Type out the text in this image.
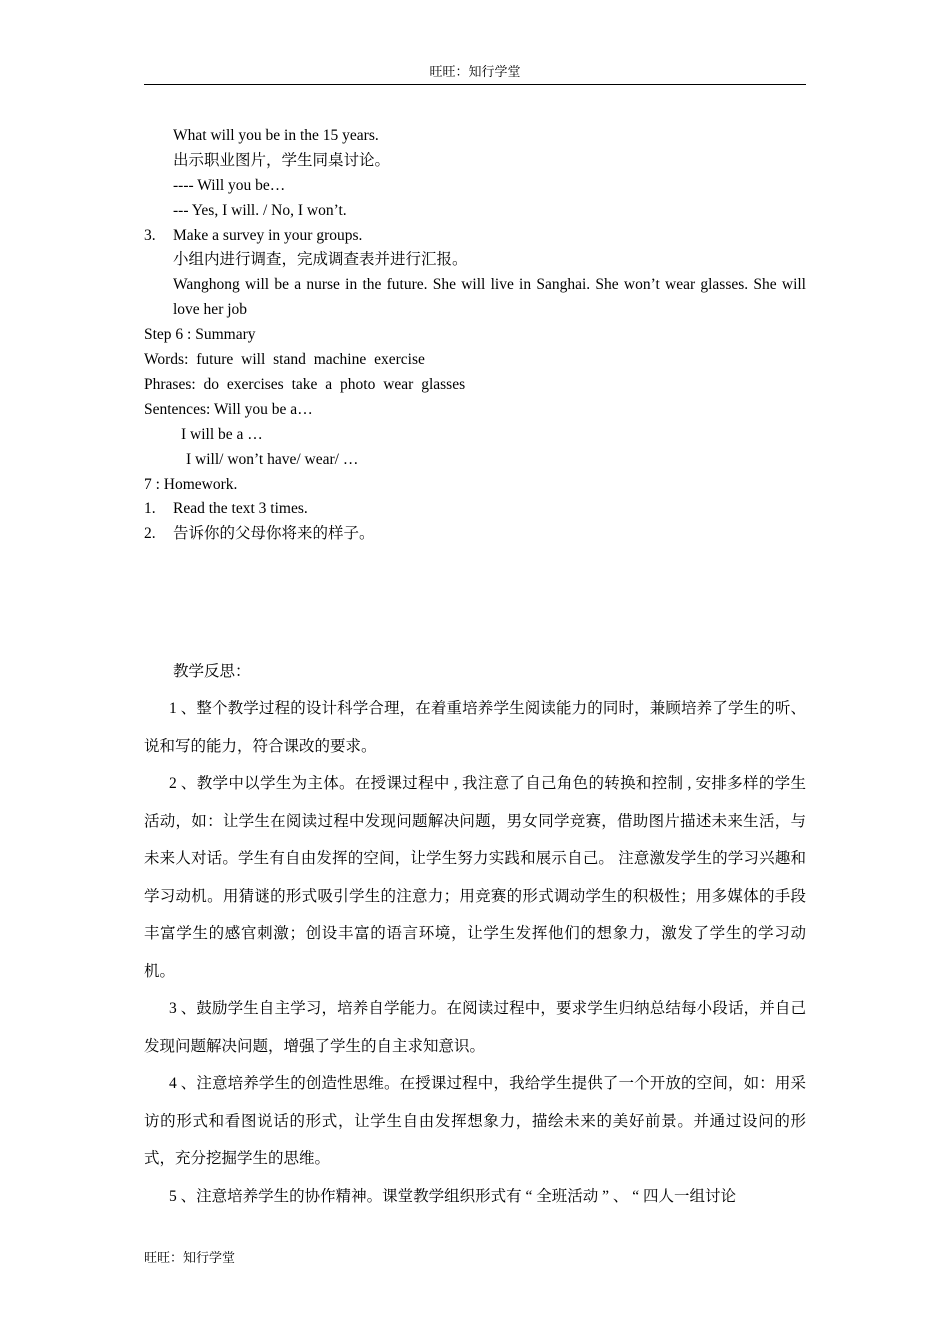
旺旺：知行学堂
What will you be in the 15 years.
出示职业图片，学生同桌讨论。
---- Will you be…
--- Yes, I will. / No, I won’t.
3. Make a survey in your groups.
小组内进行调查，完成调查表并进行汇报。
Wanghong will be a nurse in the future. She will live in Sanghai. She won’t wear glasses. She will love her job
Step 6 : Summary
Words: future will stand machine exercise
Phrases: do exercises take a photo wear glasses
Sentences: Will you be a…
I will be a …
I will/ won’t have/ wear/ …
7 : Homework.
1. Read the text 3 times.
2. 告诉你的父母你将来的样子。
教学反思：

1 、整个教学过程的设计科学合理，在着重培养学生阅读能力的同时，兼顾培养了学生的听、说和写的能力，符合课改的要求。

2 、教学中以学生为主体。在授课过程中 , 我注意了自己角色的转换和控制 , 安排多样的学生活动，如：让学生在阅读过程中发现问题解决问题，男女同学竞赛，借助图片描述未来生活，与未来人对话。学生有自由发挥的空间，让学生努力实践和展示自己。 注意激发学生的学习兴趣和学习动机。用猜谜的形式吸引学生的注意力；用竞赛的形式调动学生的积极性；用多媒体的手段丰富学生的感官刺激；创设丰富的语言环境，让学生发挥他们的想象力，激发了学生的学习动机。

3 、鼓励学生自主学习，培养自学能力。在阅读过程中，要求学生归纳总结每小段话，并自己发现问题解决问题，增强了学生的自主求知意识。

4 、注意培养学生的创造性思维。在授课过程中，我给学生提供了一个开放的空间，如：用采访的形式和看图说话的形式，让学生自由发挥想象力，描绘未来的美好前景。并通过设问的形式，充分挖掘学生的思维。

5 、注意培养学生的协作精神。课堂教学组织形式有 “ 全班活动 ” 、 “ 四人一组讨论

旺旺：知行学堂
